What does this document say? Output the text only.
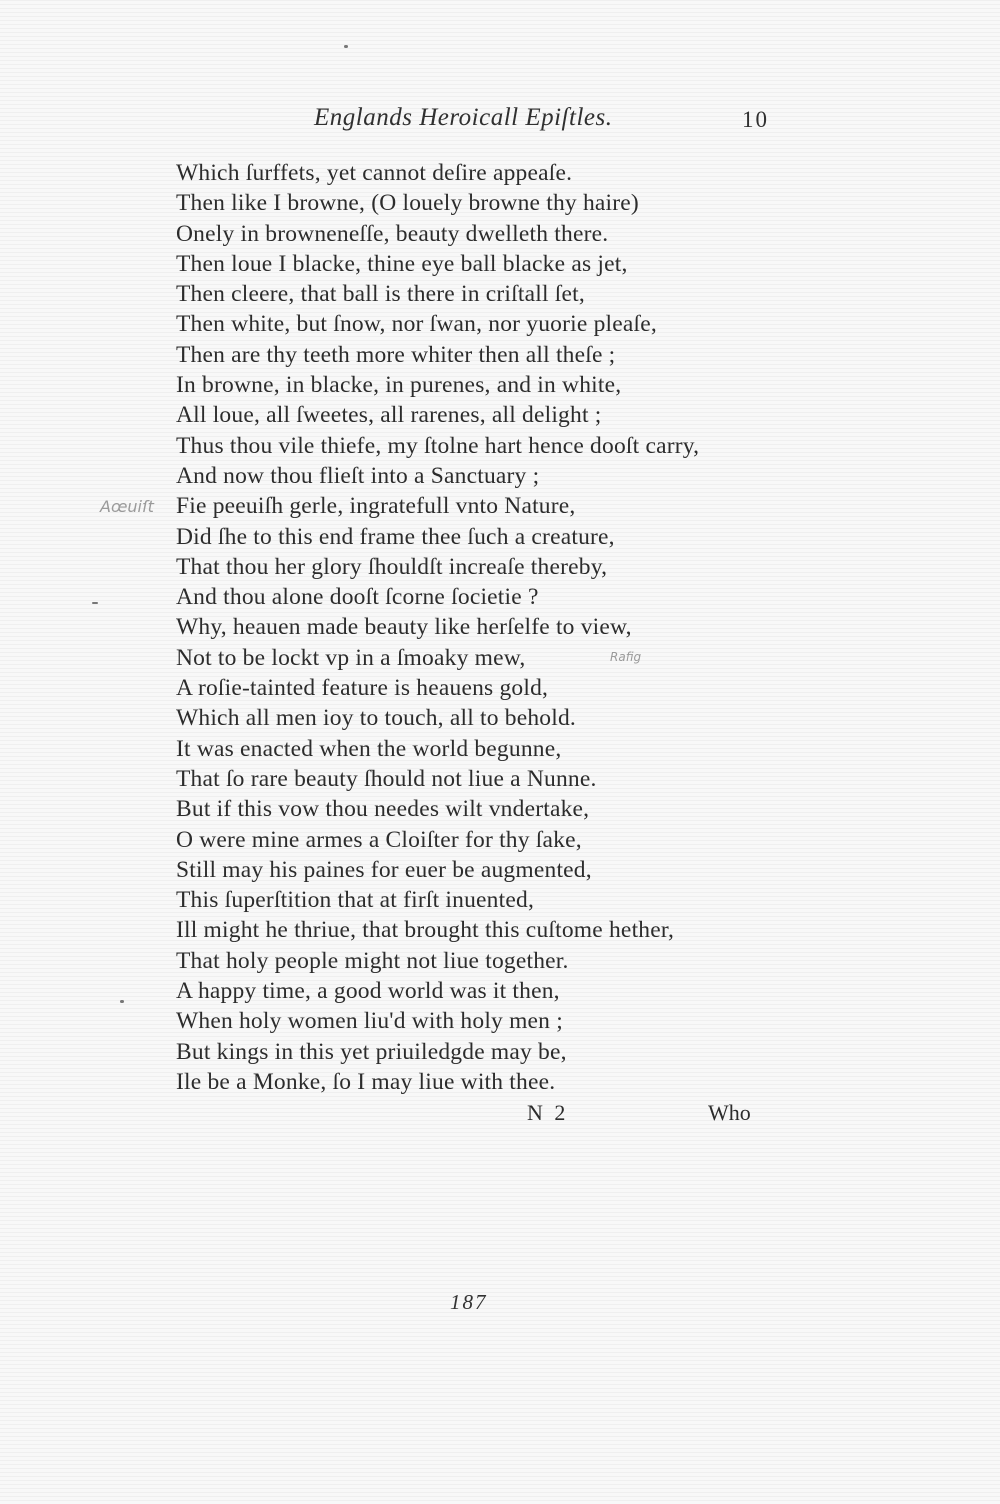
Englands Heroicall Epiſtles.	10
Which ſurffets, yet cannot deſire appeaſe.
Then like I browne, (O louely browne thy haire)
Onely in browneneſſe, beauty dwelleth there.
Then loue I blacke, thine eye ball blacke as jet,
Then cleere, that ball is there in criſtall ſet,
Then white, but ſnow, nor ſwan, nor yuorie pleaſe,
Then are thy teeth more whiter then all theſe ;
In browne, in blacke, in purenes, and in white,
All loue, all ſweetes, all rarenes, all delight ;
Thus thou vile thiefe, my ſtolne hart hence dooſt carry,
And now thou flieſt into a Sanctuary ;
Fie peeuiſh gerle, ingratefull vnto Nature,
Did ſhe to this end frame thee ſuch a creature,
That thou her glory ſhouldſt increaſe thereby,
And thou alone dooſt ſcorne ſocietie ?
Why, heauen made beauty like herſelfe to view,
Not to be lockt vp in a ſmoaky mew,
A roſie-tainted feature is heauens gold,
Which all men ioy to touch, all to behold.
It was enacted when the world begunne,
That ſo rare beauty ſhould not liue a Nunne.
But if this vow thou needes wilt vndertake,
O were mine armes a Cloiſter for thy ſake,
Still may his paines for euer be augmented,
This ſuperſtition that at firſt inuented,
Ill might he thriue, that brought this cuſtome hether,
That holy people might not liue together.
A happy time, a good world was it then,
When holy women liu'd with holy men ;
But kings in this yet priuiledgde may be,
Ile be a Monke, ſo I may liue with thee.
Aœuiſt
Rafig
N 2	Who
187
